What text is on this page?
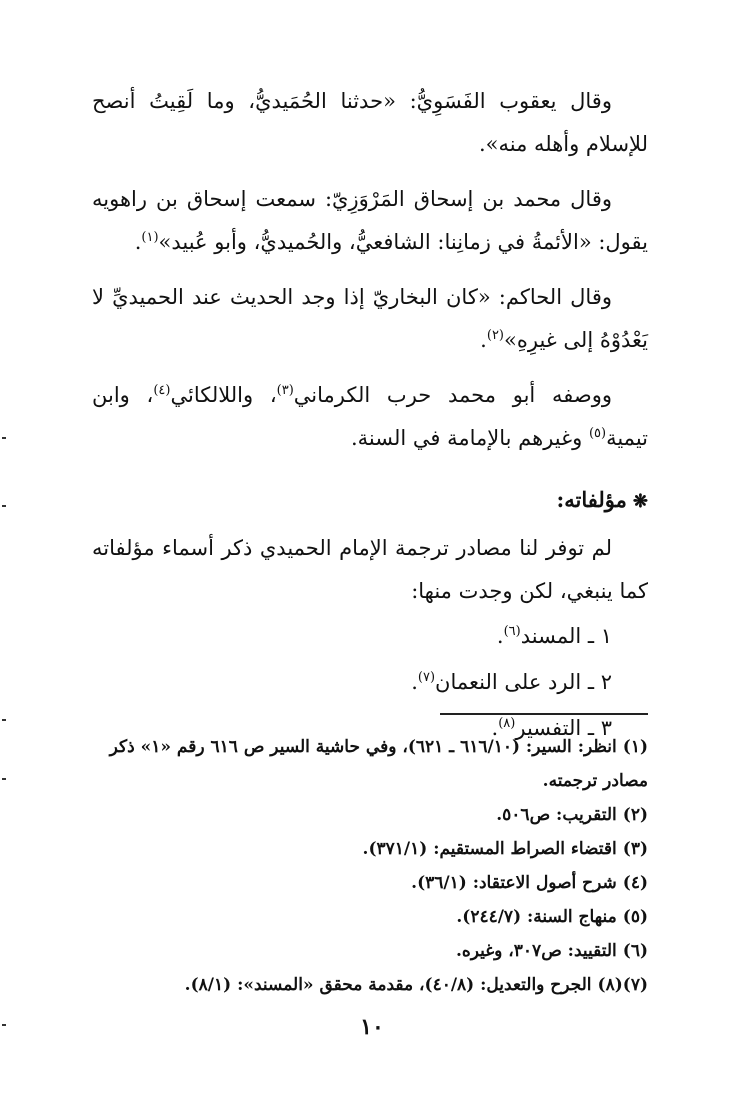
وقال يعقوب الفَسَوِيُّ: «حدثنا الحُمَيديُّ، وما لَقِيتُ أنصح للإسلام وأهله منه».

وقال محمد بن إسحاق المَرْوَزِيّ: سمعت إسحاق بن راهويه يقول: «الأئمةُ في زمانِنا: الشافعيُّ، والحُميديُّ، وأبو عُبيد»$^{(١)}$.

وقال الحاكم: «كان البخاريّ إذا وجد الحديث عند الحميديِّ لا يَعْدُوْهُ إلى غيرِهِ»$^{(٢)}$.

ووصفه أبو محمد حرب الكرماني$^{(٣)}$، واللالكائي$^{(٤)}$، وابن تيمية$^{(٥)}$ وغيرهم بالإمامة في السنة.

❋مؤلفاته:

لم توفر لنا مصادر ترجمة الإمام الحميدي ذكر أسماء مؤلفاته كما ينبغي، لكن وجدت منها:

١ ـ المسند$^{(٦)}$.

٢ ـ الرد على النعمان$^{(٧)}$.

٣ ـ التفسير$^{(٨)}$.

(١)انظر: السير: (٦١٦/١٠ ـ ٦٢١)، وفي حاشية السير ص ٦١٦ رقم «١» ذكر مصادر ترجمته.
(٢)التقريب: ص٥٠٦.
(٣)اقتضاء الصراط المستقيم: (٣٧١/١).
(٤)شرح أصول الاعتقاد: (٣٦/١).
(٥)منهاج السنة: (٢٤٤/٧).
(٦)التقييد: ص٣٠٧، وغيره.
(٧)(٨)الجرح والتعديل: (٤٠/٨)، مقدمة محقق «المسند»: (٨/١).
١٠
